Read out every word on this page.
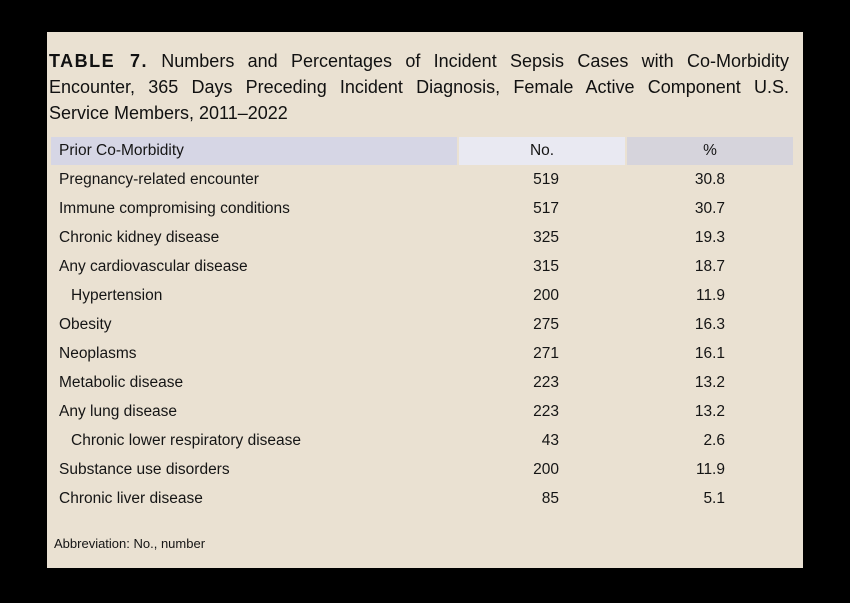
TABLE 7. Numbers and Percentages of Incident Sepsis Cases with Co-Morbidity
Encounter, 365 Days Preceding Incident Diagnosis, Female Active Component U.S.
Service Members, 2011–2022
Prior Co-Morbidity	No.	%
Pregnancy-related encounter	519	30.8
Immune compromising conditions	517	30.7
Chronic kidney disease	325	19.3
Any cardiovascular disease	315	18.7
Hypertension	200	11.9
Obesity	275	16.3
Neoplasms	271	16.1
Metabolic disease	223	13.2
Any lung disease	223	13.2
Chronic lower respiratory disease	43	2.6
Substance use disorders	200	11.9
Chronic liver disease	85	5.1
Abbreviation: No., number
